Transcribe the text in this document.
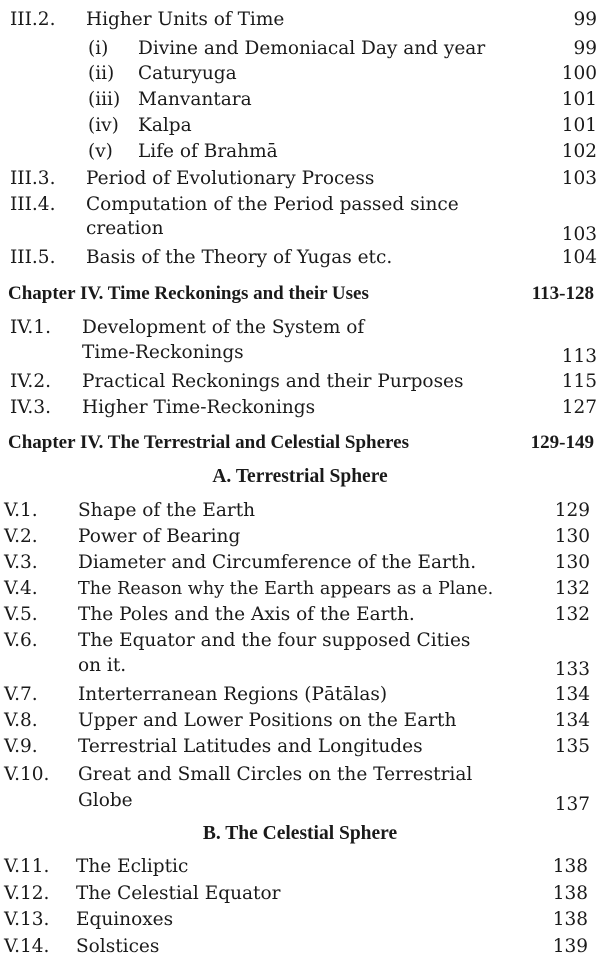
III.2. Higher Units of Time	99
(i) Divine and Demoniacal Day and year	99
(ii) Caturyuga	100
(iii) Manvantara	101
(iv) Kalpa	101
(v) Life of Brahmā	102
III.3. Period of Evolutionary Process	103
III.4. Computation of the Period passed since
creation	103
III.5. Basis of the Theory of Yugas etc.	104
Chapter IV. Time Reckonings and their Uses	113-128
IV.1. Development of the System of
Time-Reckonings	113
IV.2. Practical Reckonings and their Purposes	115
IV.3. Higher Time-Reckonings	127
Chapter IV. The Terrestrial and Celestial Spheres	129-149
A. Terrestrial Sphere
V.1. Shape of the Earth	129
V.2. Power of Bearing	130
V.3. Diameter and Circumference of the Earth.	130
V.4. The Reason why the Earth appears as a Plane.	132
V.5. The Poles and the Axis of the Earth.	132
V.6. The Equator and the four supposed Cities
on it.	133
V.7. Interterranean Regions (Pātālas)	134
V.8. Upper and Lower Positions on the Earth	134
V.9. Terrestrial Latitudes and Longitudes	135
V.10. Great and Small Circles on the Terrestrial
Globe	137
B. The Celestial Sphere
V.11. The Ecliptic	138
V.12. The Celestial Equator	138
V.13. Equinoxes	138
V.14. Solstices	139
